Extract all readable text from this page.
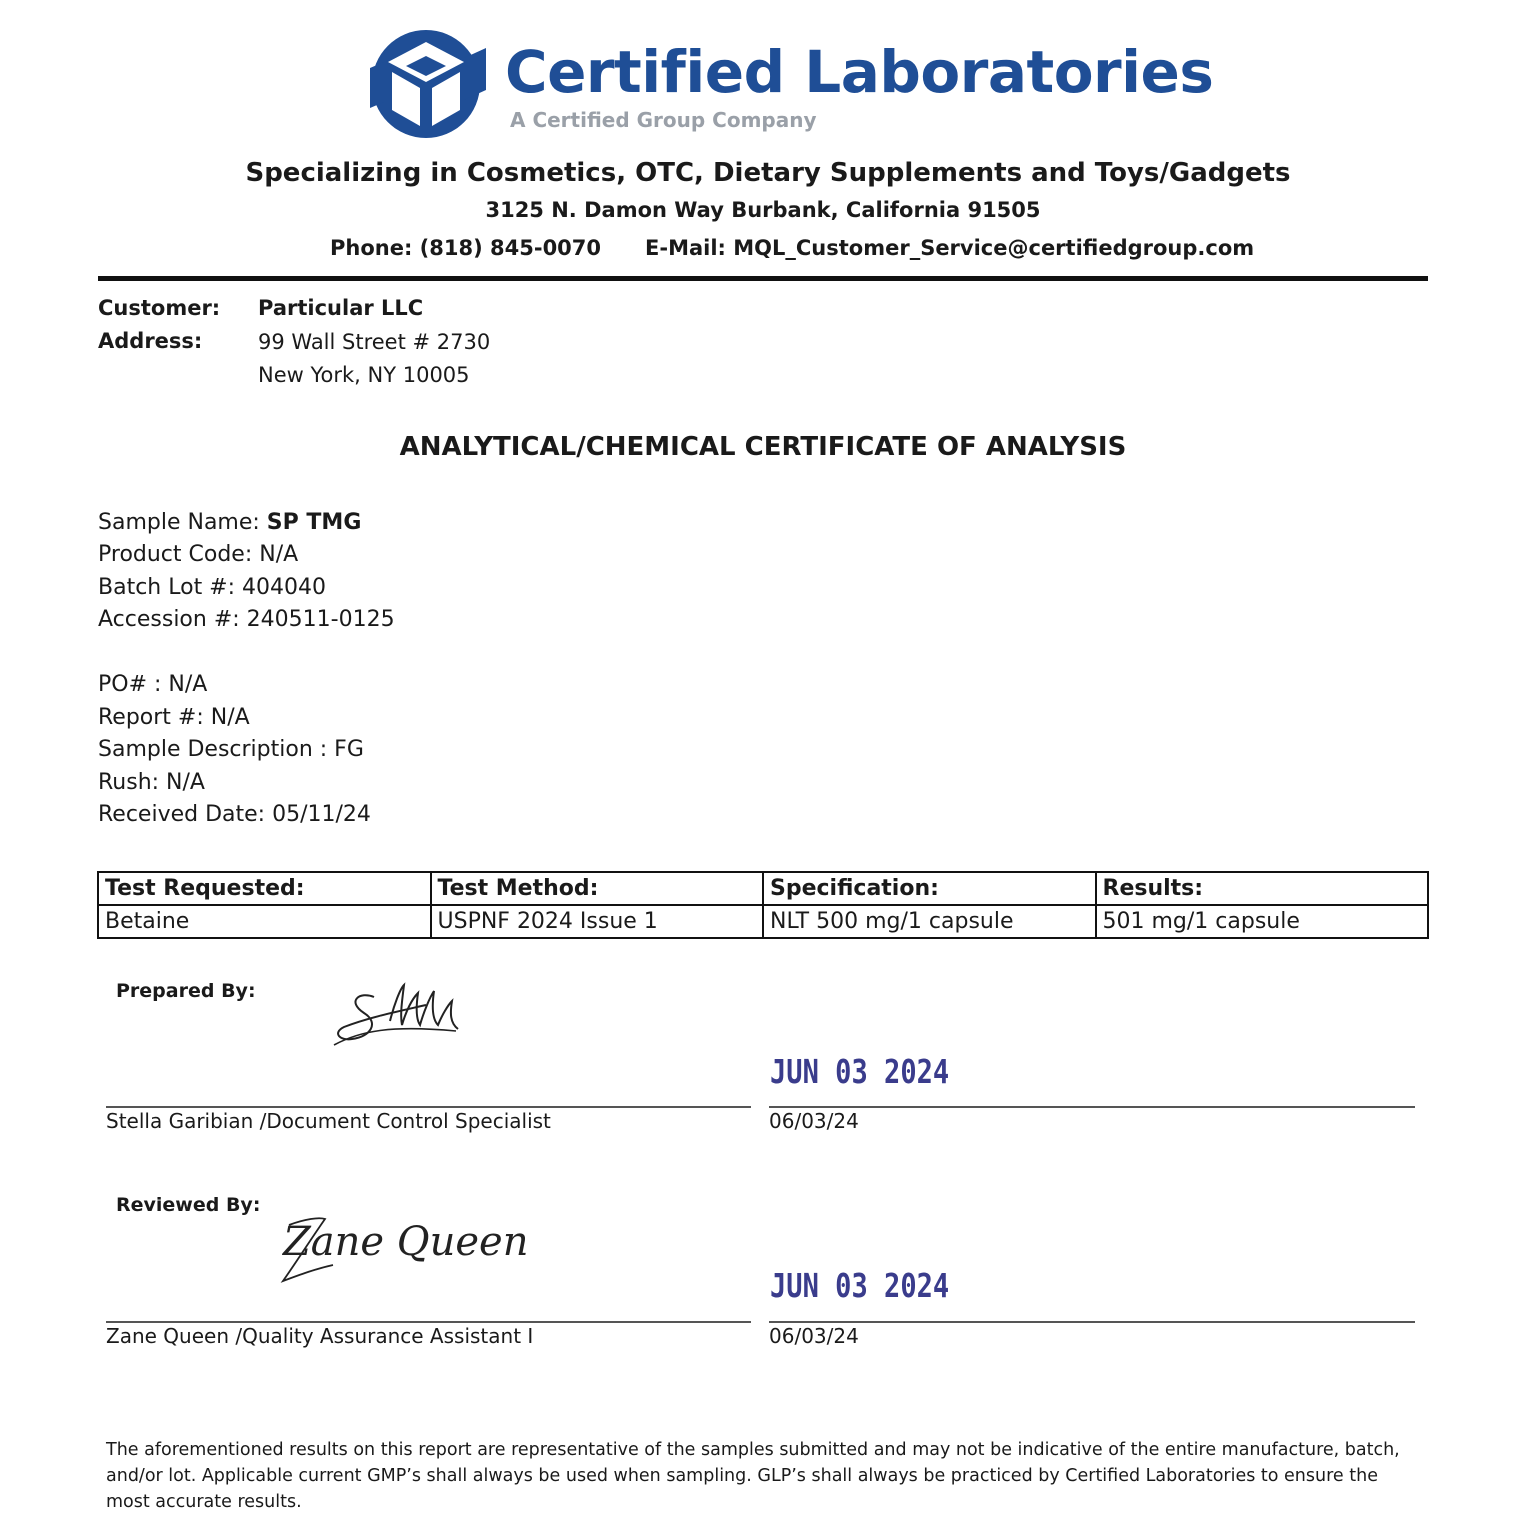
Certified Laboratories
A Certified Group Company
Specializing in Cosmetics, OTC, Dietary Supplements and Toys/Gadgets
3125 N. Damon Way Burbank, California 91505
Phone: (818) 845-0070 E-Mail: MQL_Customer_Service@certifiedgroup.com
Customer: Particular LLC
Address:	99 Wall Street # 2730
New York, NY 10005
ANALYTICAL/CHEMICAL CERTIFICATE OF ANALYSIS
Sample Name: SP TMG
Product Code: N/A
Batch Lot #: 404040
Accession #: 240511-0125
PO# : N/A
Report #: N/A
Sample Description : FG
Rush: N/A
Received Date: 05/11/24
Test Requested:	Test Method:	Specification:	Results:
Betaine	USPNF 2024 Issue 1	NLT 500 mg/1 capsule	501 mg/1 capsule
Prepared By:
JUN 03 2024
Stella Garibian /Document Control Specialist	06/03/24
Reviewed By:
Zane Queen
JUN 03 2024
Zane Queen /Quality Assurance Assistant I	06/03/24
The aforementioned results on this report are representative of the samples submitted and may not be indicative of the entire manufacture, batch, and/or lot. Applicable current GMP’s shall always be used when sampling. GLP’s shall always be practiced by Certified Laboratories to ensure the most accurate results.
